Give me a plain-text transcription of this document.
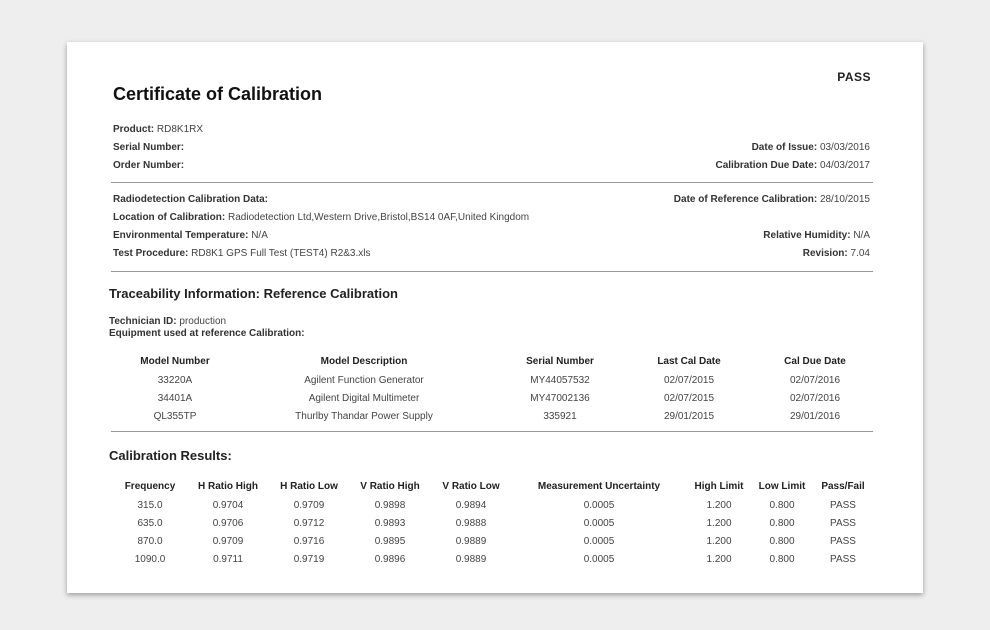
PASS
Certificate of Calibration
Product: RD8K1RX
Serial Number:
Order Number:
Date of Issue: 03/03/2016
Calibration Due Date: 04/03/2017
Radiodetection Calibration Data:	Date of Reference Calibration: 28/10/2015
Location of Calibration: Radiodetection Ltd,Western Drive,Bristol,BS14 0AF,United Kingdom
Environmental Temperature: N/A	Relative Humidity: N/A
Test Procedure: RD8K1 GPS Full Test (TEST4) R2&3.xls	Revision: 7.04
Traceability Information: Reference Calibration
Technician ID: production
Equipment used at reference Calibration:
Model Number	Model Description	Serial Number	Last Cal Date	Cal Due Date
33220A	Agilent Function Generator	MY44057532	02/07/2015	02/07/2016
34401A	Agilent Digital Multimeter	MY47002136	02/07/2015	02/07/2016
QL355TP	Thurlby Thandar Power Supply	335921	29/01/2015	29/01/2016
Calibration Results:
Frequency	H Ratio High	H Ratio Low	V Ratio High	V Ratio Low	Measurement Uncertainty	High Limit	Low Limit	Pass/Fail
315.0	0.9704	0.9709	0.9898	0.9894	0.0005	1.200	0.800	PASS
635.0	0.9706	0.9712	0.9893	0.9888	0.0005	1.200	0.800	PASS
870.0	0.9709	0.9716	0.9895	0.9889	0.0005	1.200	0.800	PASS
1090.0	0.9711	0.9719	0.9896	0.9889	0.0005	1.200	0.800	PASS
